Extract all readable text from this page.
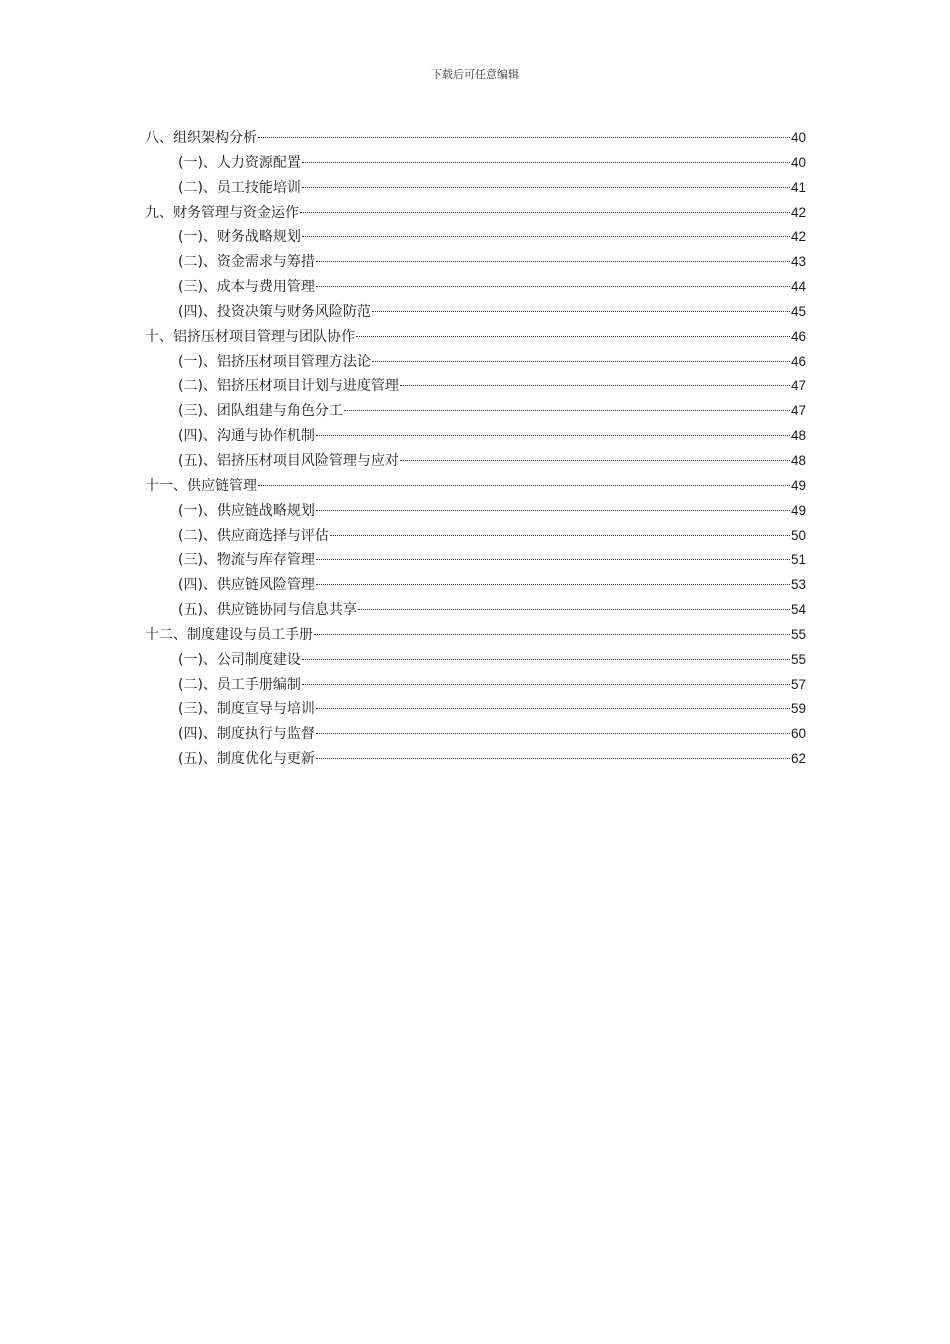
下载后可任意编辑
八、组织架构分析	40
(一)、人力资源配置	40
(二)、员工技能培训	41
九、财务管理与资金运作	42
(一)、财务战略规划	42
(二)、资金需求与筹措	43
(三)、成本与费用管理	44
(四)、投资决策与财务风险防范	45
十、铝挤压材项目管理与团队协作	46
(一)、铝挤压材项目管理方法论	46
(二)、铝挤压材项目计划与进度管理	47
(三)、团队组建与角色分工	47
(四)、沟通与协作机制	48
(五)、铝挤压材项目风险管理与应对	48
十一、供应链管理	49
(一)、供应链战略规划	49
(二)、供应商选择与评估	50
(三)、物流与库存管理	51
(四)、供应链风险管理	53
(五)、供应链协同与信息共享	54
十二、制度建设与员工手册	55
(一)、公司制度建设	55
(二)、员工手册编制	57
(三)、制度宣导与培训	59
(四)、制度执行与监督	60
(五)、制度优化与更新	62
